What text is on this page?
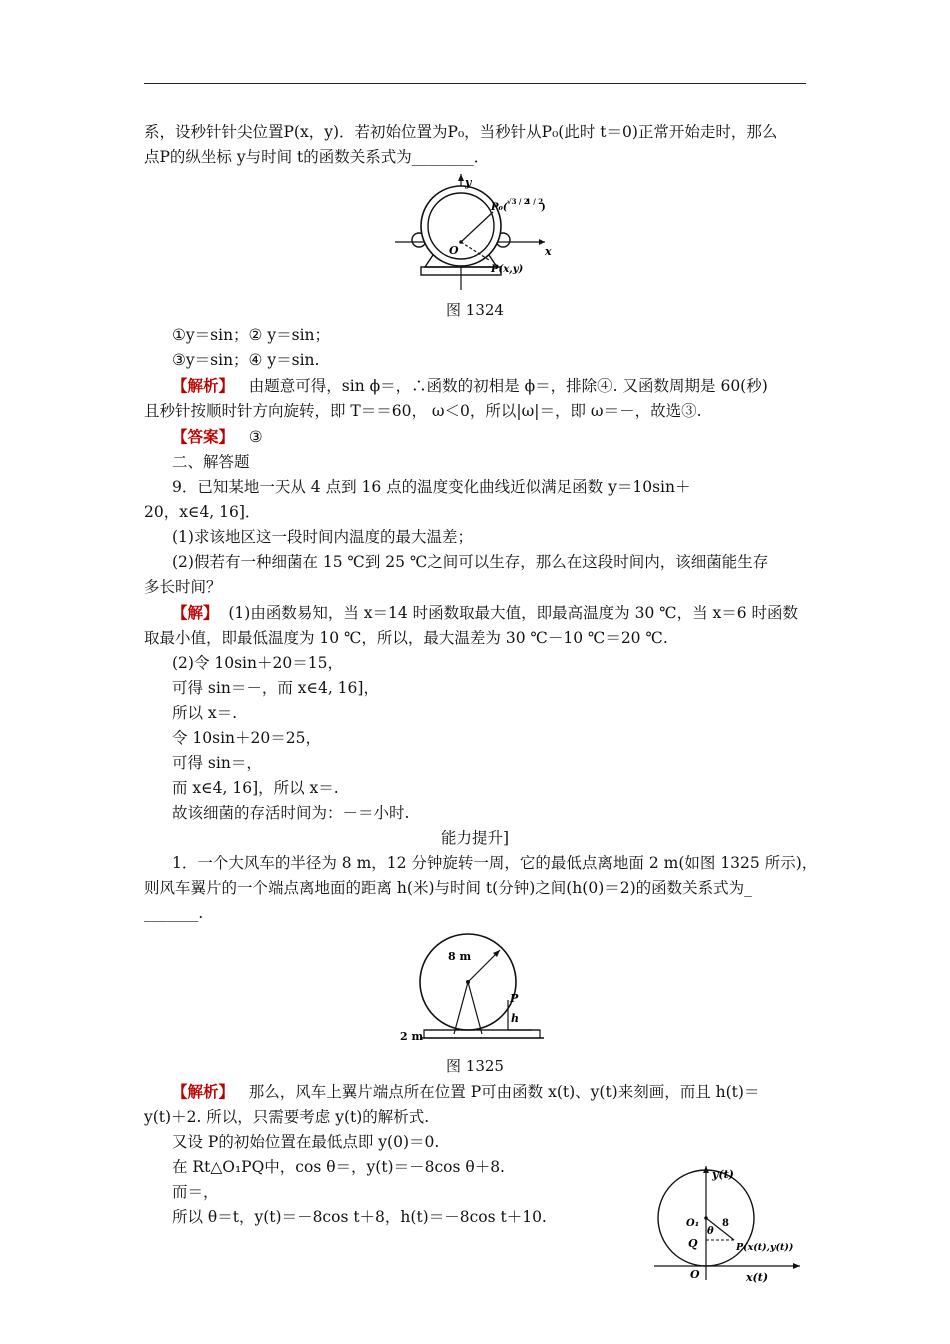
系，设秒针针尖位置P(x，y)．若初始位置为P₀，当秒针从P₀(此时 t＝0)正常开始走时，那么

点P的纵坐标 y与时间 t的函数关系式为________．

y
x
O
P₀(
√3 / 2
1 / 2
)
P(x,y)

图 1324

①y＝sin；② y＝sin；

③y＝sin；④ y＝sin.

【解析】 由题意可得，sin ϕ＝，∴函数的初相是 ϕ＝，排除④. 又函数周期是 60(秒)

且秒针按顺时针方向旋转，即 T＝＝60， ω＜0，所以|ω|＝，即 ω＝－，故选③.

【答案】 ③

二、解答题

9．已知某地一天从 4 点到 16 点的温度变化曲线近似满足函数 y＝10sin＋

20，x∈4, 16]．

(1)求该地区这一段时间内温度的最大温差；

(2)假若有一种细菌在 15 ℃到 25 ℃之间可以生存，那么在这段时间内，该细菌能生存

多长时间？

【解】 (1)由函数易知，当 x＝14 时函数取最大值，即最高温度为 30 ℃，当 x＝6 时函数

取最小值，即最低温度为 10 ℃，所以，最大温差为 30 ℃－10 ℃＝20 ℃.

(2)令 10sin＋20＝15，

可得 sin＝－，而 x∈4, 16]，

所以 x＝.

令 10sin＋20＝25，

可得 sin＝，

而 x∈4, 16]，所以 x＝.

故该细菌的存活时间为：－＝小时.

能力提升]

1．一个大风车的半径为 8 m，12 分钟旋转一周，它的最低点离地面 2 m(如图 1325 所示)，

则风车翼片的一个端点离地面的距离 h(米)与时间 t(分钟)之间(h(0)＝2)的函数关系式为_

_______.

8 m
P
h
2 m

图 1325

【解析】 那么，风车上翼片端点所在位置 P可由函数 x(t)、y(t)来刻画，而且 h(t)＝

y(t)＋2. 所以，只需要考虑 y(t)的解析式.

又设 P的初始位置在最低点即 y(0)＝0.

在 Rt△O₁PQ中，cos θ＝，y(t)＝－8cos θ＋8.

而＝，

所以 θ＝t，y(t)＝－8cos t＋8，h(t)＝－8cos t＋10.

y(t)
x(t)
O
O₁
Q
θ
8
P(x(t),y(t))
